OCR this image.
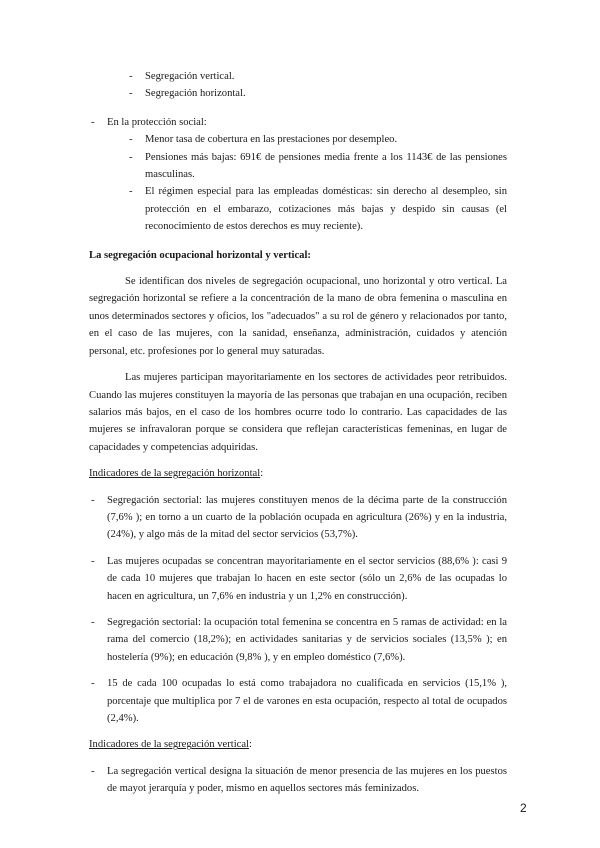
- Segregación vertical.
- Segregación horizontal.
- En la protección social:
- Menor tasa de cobertura en las prestaciones por desempleo.
- Pensiones más bajas: 691€ de pensiones media frente a los 1143€ de las pensiones masculinas.
- El régimen especial para las empleadas domésticas: sin derecho al desempleo, sin protección en el embarazo, cotizaciones más bajas y despido sin causas (el reconocimiento de estos derechos es muy reciente).
La segregación ocupacional horizontal y vertical:

Se identifican dos niveles de segregación ocupacional, uno horizontal y otro vertical. La segregación horizontal se refiere a la concentración de la mano de obra femenina o masculina en unos determinados sectores y oficios, los "adecuados" a su rol de género y relacionados por tanto, en el caso de las mujeres, con la sanidad, enseñanza, administración, cuidados y atención personal, etc. profesiones por lo general muy saturadas.

Las mujeres participan mayoritariamente en los sectores de actividades peor retribuidos. Cuando las mujeres constituyen la mayoría de las personas que trabajan en una ocupación, reciben salarios más bajos, en el caso de los hombres ocurre todo lo contrario. Las capacidades de las mujeres se infravaloran porque se considera que reflejan características femeninas, en lugar de capacidades y competencias adquiridas.

Indicadores de la segregación horizontal:
- Segregación sectorial: las mujeres constituyen menos de la décima parte de la construcción (7,6% ); en torno a un cuarto de la población ocupada en agricultura (26%) y en la industria, (24%), y algo más de la mitad del sector servicios (53,7%).
- Las mujeres ocupadas se concentran mayoritariamente en el sector servicios (88,6% ): casi 9 de cada 10 mujeres que trabajan lo hacen en este sector (sólo un 2,6% de las ocupadas lo hacen en agricultura, un 7,6% en industria y un 1,2% en construcción).
- Segregación sectorial: la ocupación total femenina se concentra en 5 ramas de actividad: en la rama del comercio (18,2%); en actividades sanitarias y de servicios sociales (13,5% ); en hostelería (9%); en educación (9,8% ), y en empleo doméstico (7,6%).
- 15 de cada 100 ocupadas lo está como trabajadora no cualificada en servicios (15,1% ), porcentaje que multiplica por 7 el de varones en esta ocupación, respecto al total de ocupados (2,4%).
Indicadores de la segregación vertical:
- La segregación vertical designa la situación de menor presencia de las mujeres en los puestos de mayot jerarquía y poder, mismo en aquellos sectores más feminizados.
2
